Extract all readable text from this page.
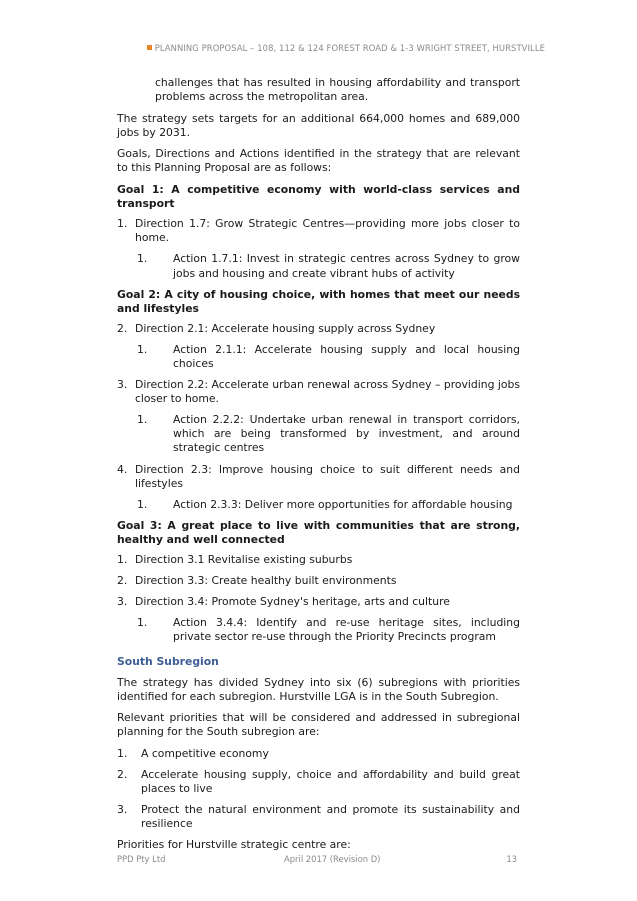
PLANNING PROPOSAL – 108, 112 & 124 FOREST ROAD & 1-3 WRIGHT STREET, HURSTVILLE

challenges that has resulted in housing affordability and transport problems across the metropolitan area.

The strategy sets targets for an additional 664,000 homes and 689,000 jobs by 2031.

Goals, Directions and Actions identified in the strategy that are relevant to this Planning Proposal are as follows:

Goal 1: A competitive economy with world-class services and transport
1. Direction 1.7: Grow Strategic Centres—providing more jobs closer to home.
1.	Action 1.7.1: Invest in strategic centres across Sydney to grow jobs and housing and create vibrant hubs of activity
Goal 2: A city of housing choice, with homes that meet our needs and lifestyles
2. Direction 2.1: Accelerate housing supply across Sydney
1.	Action 2.1.1: Accelerate housing supply and local housing choices
3. Direction 2.2: Accelerate urban renewal across Sydney – providing jobs closer to home.
1.	Action 2.2.2: Undertake urban renewal in transport corridors, which are being transformed by investment, and around strategic centres
4. Direction 2.3: Improve housing choice to suit different needs and lifestyles
1.	Action 2.3.3: Deliver more opportunities for affordable housing
Goal 3: A great place to live with communities that are strong, healthy and well connected
1. Direction 3.1 Revitalise existing suburbs
2. Direction 3.3: Create healthy built environments
3. Direction 3.4: Promote Sydney's heritage, arts and culture
1.	Action 3.4.4: Identify and re-use heritage sites, including private sector re-use through the Priority Precincts program
South Subregion

The strategy has divided Sydney into six (6) subregions with priorities identified for each subregion. Hurstville LGA is in the South Subregion.

Relevant priorities that will be considered and addressed in subregional planning for the South subregion are:

1.	A competitive economy
2.	Accelerate housing supply, choice and affordability and build great places to live
3.	Protect the natural environment and promote its sustainability and resilience

Priorities for Hurstville strategic centre are:

PPD Pty Ltd	April 2017 (Revision D)	13
